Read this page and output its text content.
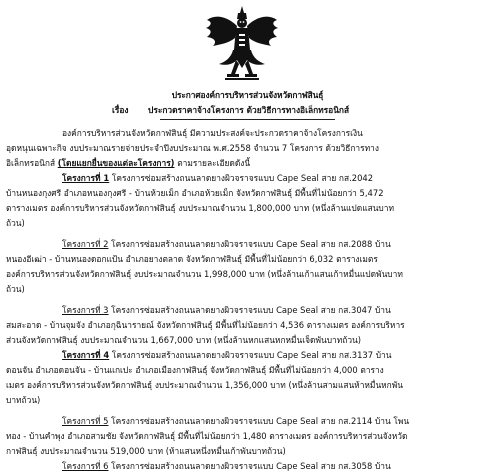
ประกาศองค์การบริหารส่วนจังหวัดกาฬสินธุ์
เรื่อง ประกวดราคาจ้างโครงการ ด้วยวิธีการทางอิเล็กทรอนิกส์

องค์การบริหารส่วนจังหวัดกาฬสินธุ์ มีความประสงค์จะประกวดราคาจ้างโครงการเงิน

อุดหนุนเฉพาะกิจ งบประมาณรายจ่ายประจำปีงบประมาณ พ.ศ.2558 จำนวน 7 โครงการ ด้วยวิธีการทาง

อิเล็กทรอนิกส์ (โดยแยกยื่นของแต่ละโครงการ) ตามรายละเอียดดังนี้

โครงการที่ 1 โครงการซ่อมสร้างถนนลาดยางผิวจราจรแบบ Cape Seal สาย กส.2042

บ้านหนองกุงศรี อำเภอหนองกุงศรี - บ้านห้วยเม็ก อำเภอห้วยเม็ก จังหวัดกาฬสินธุ์ มีพื้นที่ไม่น้อยกว่า 5,472

ตารางเมตร องค์การบริหารส่วนจังหวัดกาฬสินธุ์ งบประมาณจำนวน 1,800,000 บาท (หนึ่งล้านแปดแสนบาท

ถ้วน)

โครงการที่ 2 โครงการซ่อมสร้างถนนลาดยางผิวจราจรแบบ Cape Seal สาย กส.2088 บ้าน

หนองอีเฒ่า - บ้านหนองดอกแป้น อำเภอยางตลาด จังหวัดกาฬสินธุ์ มีพื้นที่ไม่น้อยกว่า 6,032 ตารางเมตร

องค์การบริหารส่วนจังหวัดกาฬสินธุ์ งบประมาณจำนวน 1,998,000 บาท (หนึ่งล้านเก้าแสนเก้าหมื่นแปดพันบาท

ถ้วน)

โครงการที่ 3 โครงการซ่อมสร้างถนนลาดยางผิวจราจรแบบ Cape Seal สาย กส.3047 บ้าน

สมสะอาด - บ้านจุมจัง อำเภอกุฉินารายณ์ จังหวัดกาฬสินธุ์ มีพื้นที่ไม่น้อยกว่า 4,536 ตารางเมตร องค์การบริหาร

ส่วนจังหวัดกาฬสินธุ์ งบประมาณจำนวน 1,667,000 บาท (หนึ่งล้านหกแสนหกหมื่นเจ็ดพันบาทถ้วน)

โครงการที่ 4 โครงการซ่อมสร้างถนนลาดยางผิวจราจรแบบ Cape Seal สาย กส.3137 บ้าน

ดอนจัน อำเภอดอนจัน - บ้านแกเปะ อำเภอเมืองกาฬสินธุ์ จังหวัดกาฬสินธุ์ มีพื้นที่ไม่น้อยกว่า 4,000 ตาราง

เมตร องค์การบริหารส่วนจังหวัดกาฬสินธุ์ งบประมาณจำนวน 1,356,000 บาท (หนึ่งล้านสามแสนห้าหมื่นหกพัน

บาทถ้วน)

โครงการที่ 5 โครงการซ่อมสร้างถนนลาดยางผิวจราจรแบบ Cape Seal สาย กส.2114 บ้าน โพน

ทอง - บ้านคำพุง อำเภอสามชัย จังหวัดกาฬสินธุ์ มีพื้นที่ไม่น้อยกว่า 1,480 ตารางเมตร องค์การบริหารส่วนจังหวัด

กาฬสินธุ์ งบประมาณจำนวน 519,000 บาท (ห้าแสนหนึ่งหมื่นเก้าพันบาทถ้วน)

โครงการที่ 6 โครงการซ่อมสร้างถนนลาดยางผิวจราจรแบบ Cape Seal สาย กส.3058 บ้าน
